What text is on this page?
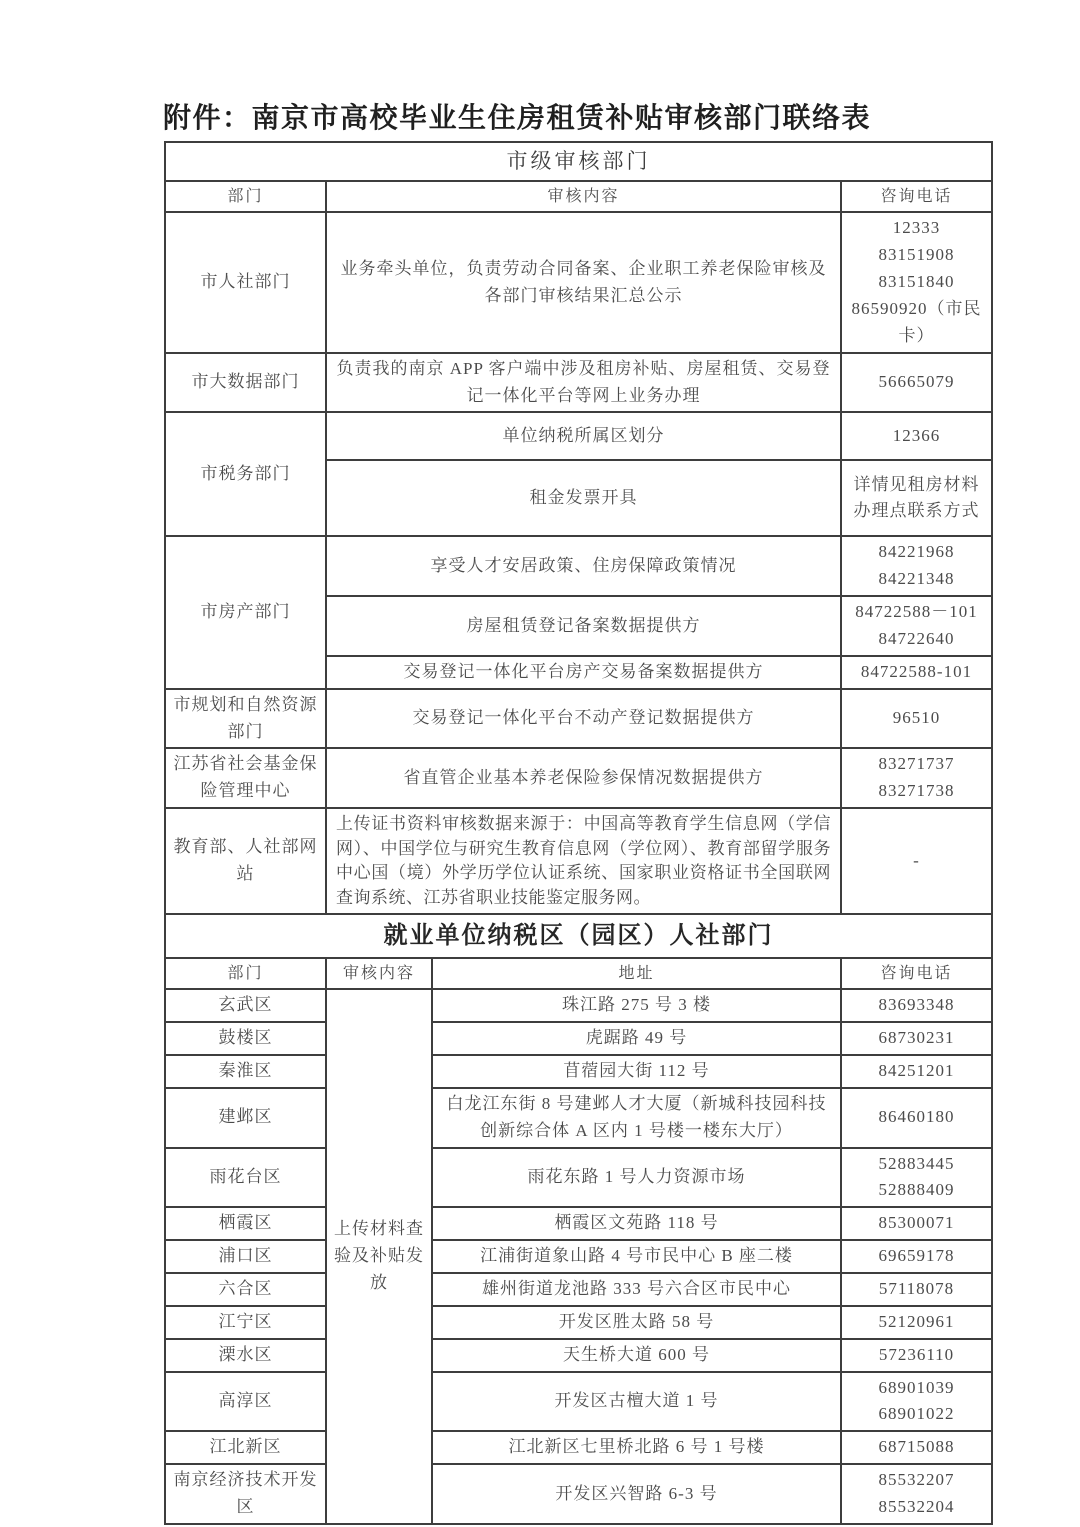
附件：南京市高校毕业生住房租赁补贴审核部门联络表
市级审核部门			
部门	审核内容		咨询电话
市人社部门	业务牵头单位，负责劳动合同备案、企业职工养老保险审核及各部门审核结果汇总公示		12333
83151908
83151840
86590920（市民卡）

市大数据部门	负责我的南京 APP 客户端中涉及租房补贴、房屋租赁、交易登记一体化平台等网上业务办理		56665079
市税务部门	单位纳税所属区划分		12366
	租金发票开具		详情见租房材料办理点联系方式
市房产部门	享受人才安居政策、住房保障政策情况		84221968
84221348

	房屋租赁登记备案数据提供方		84722588－101
84722640

	交易登记一体化平台房产交易备案数据提供方		84722588-101
市规划和自然资源部门	交易登记一体化平台不动产登记数据提供方		96510
江苏省社会基金保险管理中心	省直管企业基本养老保险参保情况数据提供方		83271737
83271738

教育部、人社部网站	上传证书资料审核数据来源于：中国高等教育学生信息网（学信网）、中国学位与研究生教育信息网（学位网）、教育部留学服务中心国（境）外学历学位认证系统、国家职业资格证书全国联网查询系统、江苏省职业技能鉴定服务网。		-
就业单位纳税区（园区）人社部门			
部门	审核内容	地址	咨询电话
玄武区	上传材料查验及补贴发放	珠江路 275 号 3 楼	83693348
鼓楼区		虎踞路 49 号	68730231
秦淮区		苜蓿园大街 112 号	84251201
建邺区		白龙江东街 8 号建邺人才大厦（新城科技园科技创新综合体 A 区内 1 号楼一楼东大厅）	86460180
雨花台区		雨花东路 1 号人力资源市场	52883445
52888409

栖霞区		栖霞区文苑路 118 号	85300071
浦口区		江浦街道象山路 4 号市民中心 B 座二楼	69659178
六合区		雄州街道龙池路 333 号六合区市民中心	57118078
江宁区		开发区胜太路 58 号	52120961
溧水区		天生桥大道 600 号	57236110
高淳区		开发区古檀大道 1 号	68901039
68901022

江北新区		江北新区七里桥北路 6 号 1 号楼	68715088
南京经济技术开发区		开发区兴智路 6-3 号	85532207
85532204
